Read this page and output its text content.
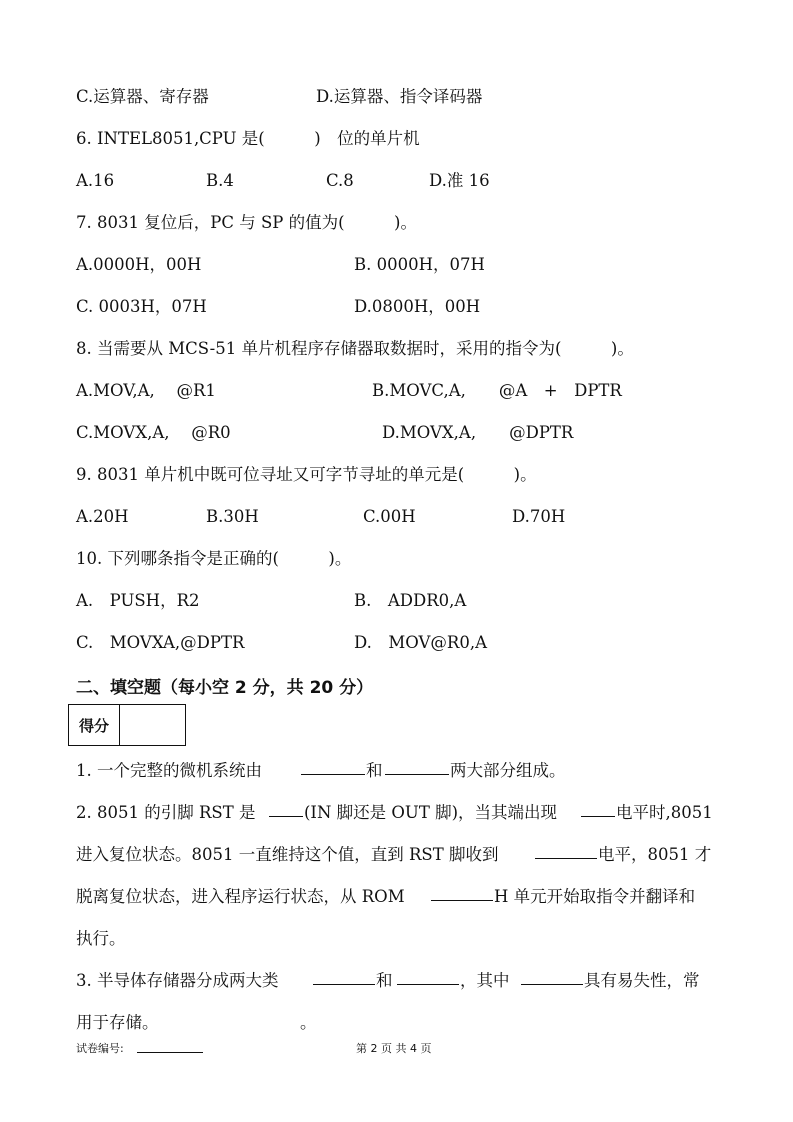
C.运算器、寄存器	D.运算器、指令译码器
6. INTEL8051,CPU 是(　　　)　位的单片机
A.16	B.4	C.8	D.准 16
7. 8031 复位后，PC 与 SP 的值为(　　　)。
A.0000H，00H	B. 0000H，07H
C. 0003H，07H	D.0800H，00H
8. 当需要从 MCS-51 单片机程序存储器取数据时，采用的指令为(　　　)。
A.MOV,A,　 @R1	B.MOVC,A,　　@A　+　DPTR
C.MOVX,A,　 @R0	D.MOVX,A,　　@DPTR
9. 8031 单片机中既可位寻址又可字节寻址的单元是(　　　)。
A.20H	B.30H	C.00H	D.70H
10. 下列哪条指令是正确的(　　　)。
A.　PUSH，R2	B.　ADDR0,A
C.　MOVXA,@DPTR	D.　MOV@R0,A
二、填空题（每小空 2 分，共 20 分）
得分
1. 一个完整的微机系统由	和	两大部分组成。
2. 8051 的引脚 RST 是	(IN 脚还是 OUT 脚)，当其端出现	电平时,8051
进入复位状态。8051 一直维持这个值，直到 RST 脚收到	电平，8051 才
脱离复位状态，进入程序运行状态，从 ROM	H 单元开始取指令并翻译和
执行。
3. 半导体存储器分成两大类	和	，其中	具有易失性，常
用于存储。	。
试卷编号:	第 2 页 共 4 页
